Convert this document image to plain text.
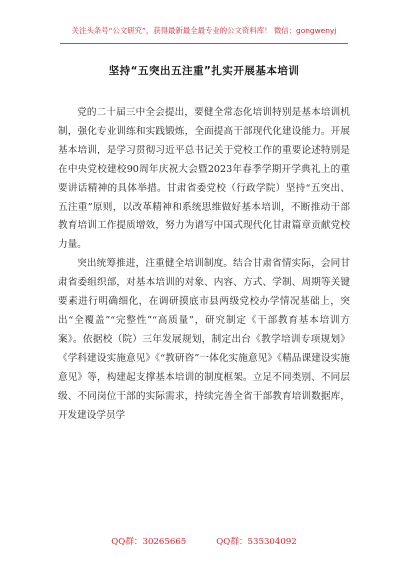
关注头条号“公文研究”，获得最新最全最专业的公文资料库！ 微信：gongwenyj
坚持“五突出五注重”扎实开展基本培训

党的二十届三中全会提出，要健全常态化培训特别是基本培训机制，强化专业训练和实践锻炼，全面提高干部现代化建设能力。开展基本培训，是学习贯彻习近平总书记关于党校工作的重要论述特别是在中央党校建校90周年庆祝大会暨2023年春季学期开学典礼上的重要讲话精神的具体举措。甘肃省委党校（行政学院）坚持“五突出、五注重”原则，以改革精神和系统思维做好基本培训，不断推动干部教育培训工作提质增效，努力为谱写中国式现代化甘肃篇章贡献党校力量。

突出统筹推进，注重健全培训制度。结合甘肃省情实际，会同甘肃省委组织部，对基本培训的对象、内容、方式、学制、周期等关键要素进行明确细化，在调研摸底市县两级党校办学情况基础上，突出“全覆盖”“完整性”“高质量”，研究制定《干部教育基本培训方案》。依据校（院）三年发展规划，制定出台《教学培训专项规划》《学科建设实施意见》《“教研咨”一体化实施意见》《精品课建设实施意见》等，构建起支撑基本培训的制度框架。立足不同类别、不同层级、不同岗位干部的实际需求，持续完善全省干部教育培训数据库，开发建设学员学

QQ群：30265665	QQ群：535304092
